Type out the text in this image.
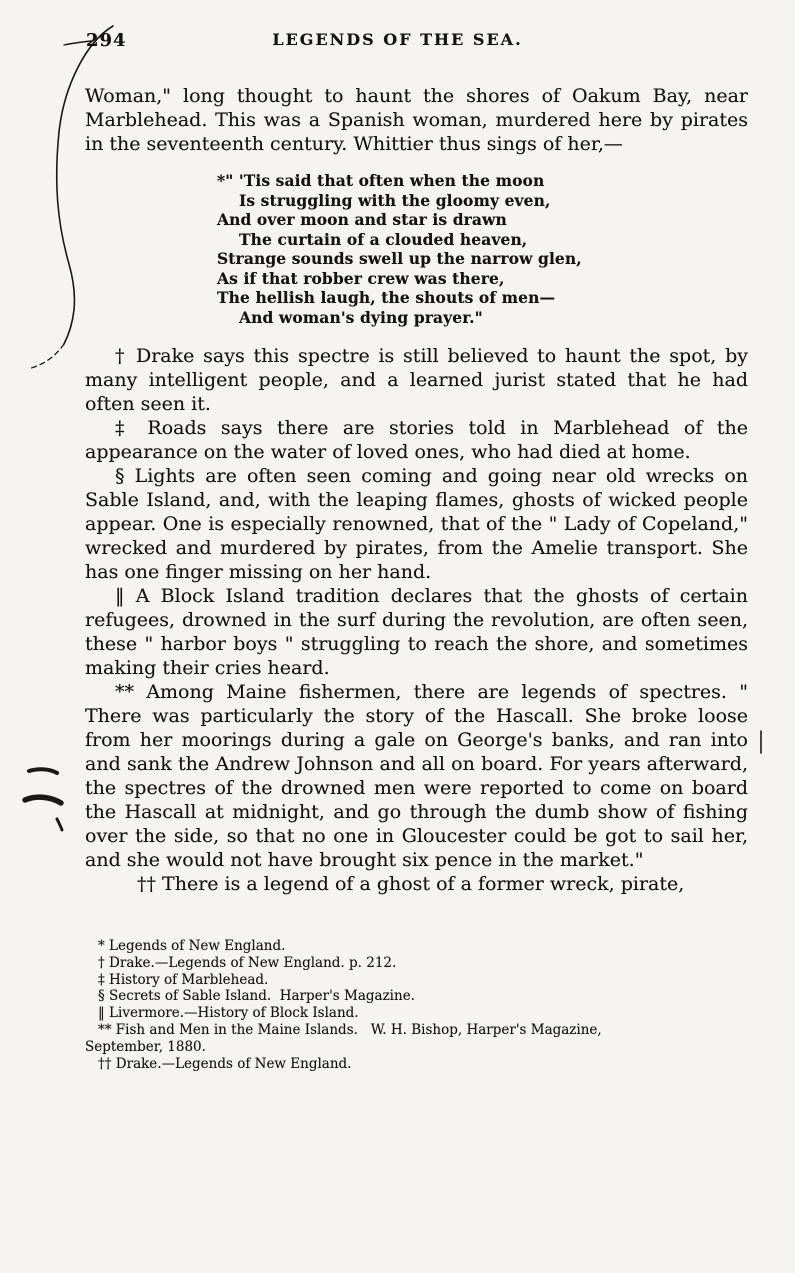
294	LEGENDS OF THE SEA.

Woman," long thought to haunt the shores of Oakum Bay, near Marblehead. This was a Spanish woman, murdered here by pirates in the seventeenth century. Whittier thus sings of her,—

*" 'Tis said that often when the moon
Is struggling with the gloomy even,
And over moon and star is drawn
The curtain of a clouded heaven,
Strange sounds swell up the narrow glen,
As if that robber crew was there,
The hellish laugh, the shouts of men—
And woman's dying prayer."

† Drake says this spectre is still believed to haunt the spot, by many intelligent people, and a learned jurist stated that he had often seen it.

‡ Roads says there are stories told in Marblehead of the appearance on the water of loved ones, who had died at home.

§ Lights are often seen coming and going near old wrecks on Sable Island, and, with the leaping flames, ghosts of wicked people appear. One is especially renowned, that of the " Lady of Copeland," wrecked and murdered by pirates, from the Amelie transport. She has one finger missing on her hand.

‖ A Block Island tradition declares that the ghosts of certain refugees, drowned in the surf during the revolution, are often seen, these " harbor boys " struggling to reach the shore, and sometimes making their cries heard.

** Among Maine fishermen, there are legends of spectres. " There was particularly the story of the Hascall. She broke loose from her moorings during a gale on George's banks, and ran into and sank the Andrew Johnson and all on board. For years afterward, the spectres of the drowned men were reported to come on board the Hascall at midnight, and go through the dumb show of fishing over the side, so that no one in Gloucester could be got to sail her, and she would not have brought six pence in the market."

†† There is a legend of a ghost of a former wreck, pirate,

* Legends of New England.
† Drake.—Legends of New England. p. 212.
‡ History of Marblehead.
§ Secrets of Sable Island.  Harper's Magazine.
‖ Livermore.—History of Block Island.
** Fish and Men in the Maine Islands.   W. H. Bishop, Harper's Magazine,
September, 1880.
†† Drake.—Legends of New England.
